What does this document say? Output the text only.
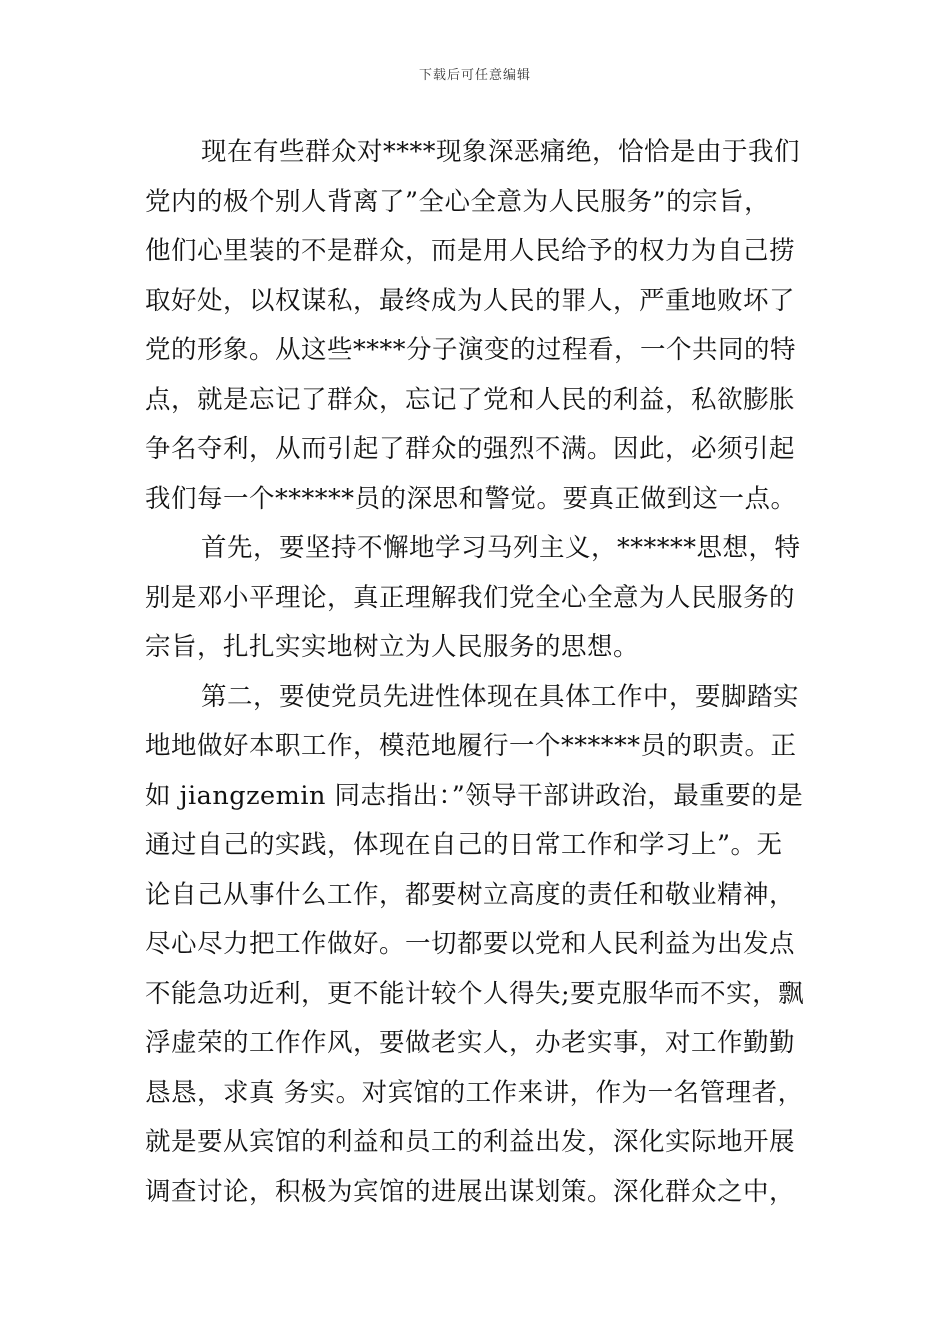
下载后可任意编辑
现在有些群众对****现象深恶痛绝，恰恰是由于我们
党内的极个别人背离了”全心全意为人民服务”的宗旨，
他们心里装的不是群众，而是用人民给予的权力为自己捞
取好处，以权谋私，最终成为人民的罪人，严重地败坏了
党的形象。从这些****分子演变的过程看，一个共同的特
点，就是忘记了群众，忘记了党和人民的利益，私欲膨胀
争名夺利，从而引起了群众的强烈不满。因此，必须引起
我们每一个******员的深思和警觉。要真正做到这一点。
首先，要坚持不懈地学习马列主义，******思想，特
别是邓小平理论，真正理解我们党全心全意为人民服务的
宗旨，扎扎实实地树立为人民服务的思想。
第二，要使党员先进性体现在具体工作中，要脚踏实
地地做好本职工作，模范地履行一个******员的职责。正
如 jiangzemin 同志指出：”领导干部讲政治，最重要的是
通过自己的实践，体现在自己的日常工作和学习上”。无
论自己从事什么工作，都要树立高度的责任和敬业精神，
尽心尽力把工作做好。一切都要以党和人民利益为出发点
不能急功近利，更不能计较个人得失;要克服华而不实，飘
浮虚荣的工作作风，要做老实人，办老实事，对工作勤勤
恳恳，求真 务实。对宾馆的工作来讲，作为一名管理者，
就是要从宾馆的利益和员工的利益出发，深化实际地开展
调查讨论，积极为宾馆的进展出谋划策。深化群众之中，
